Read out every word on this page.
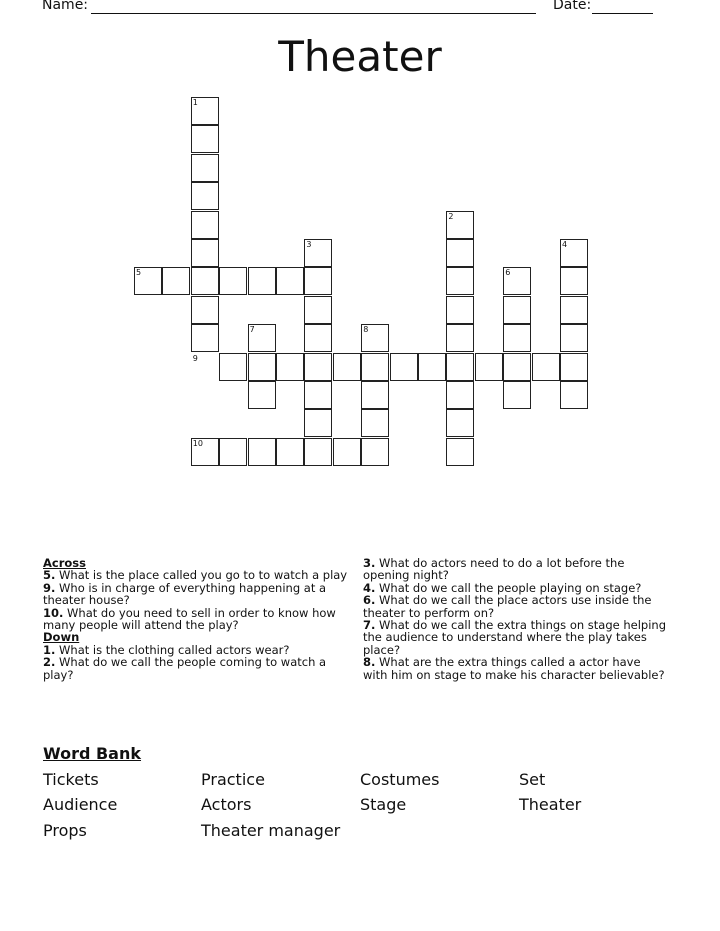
Name:	Date:
Theater
1
2
3	4
5	6
7	8
9
10
Across
5. What is the place called you go to to watch a play
9. Who is in charge of everything happening at a theater house?
10. What do you need to sell in order to know how many people will attend the play?
Down
1. What is the clothing called actors wear?
2. What do we call the people coming to watch a play?
3. What do actors need to do a lot before the opening night?
4. What do we call the people playing on stage?
6. What do we call the place actors use inside the theater to perform on?
7. What do we call the extra things on stage helping the audience to understand where the play takes place?
8. What are the extra things called a actor have with him on stage to make his character believable?
Word Bank
Tickets	Practice	Costumes	Set
Audience	Actors	Stage	Theater
Props	Theater manager
